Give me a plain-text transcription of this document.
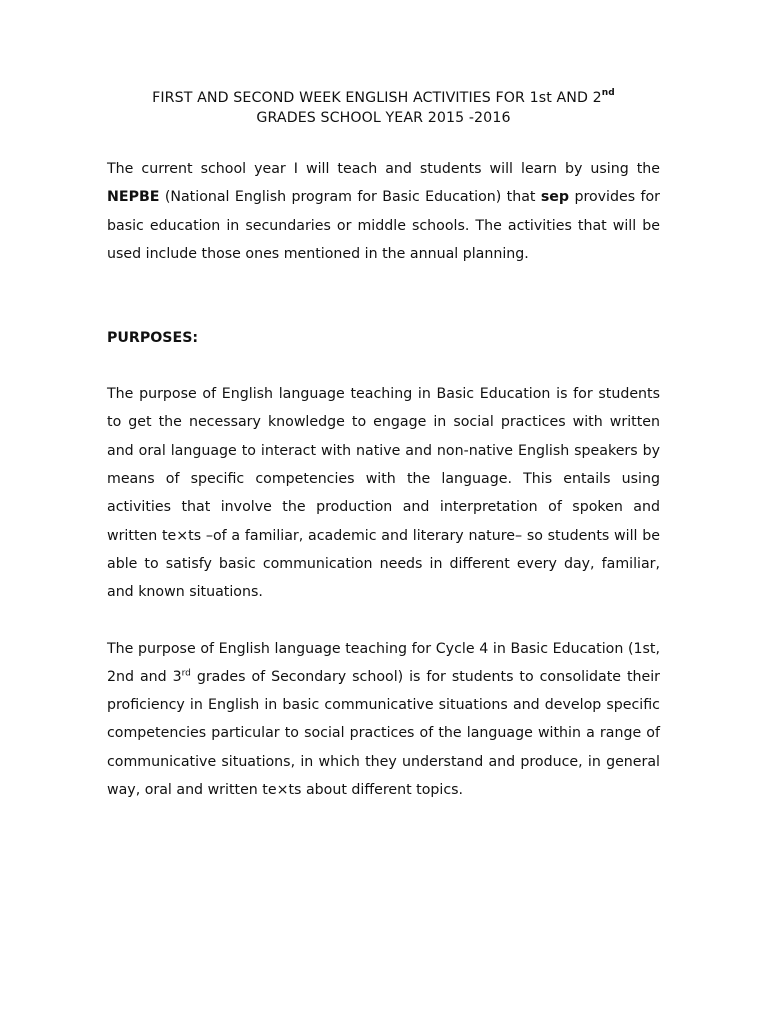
FIRST AND SECOND WEEK ENGLISH ACTIVITIES FOR 1st AND 2nd
GRADES SCHOOL YEAR 2015 -2016

The current school year I will teach and students will learn by using the NEPBE (National English program for Basic Education) that sep provides for basic education in secundaries or middle schools. The activities that will be used include those ones mentioned in the annual planning.

PURPOSES:

The purpose of English language teaching in Basic Education is for students to get the necessary knowledge to engage in social practices with written and oral language to interact with native and non-native English speakers by means of specific competencies with the language. This entails using activities that involve the production and interpretation of spoken and written te×ts –of a familiar, academic and literary nature– so students will be able to satisfy basic communication needs in different every day, familiar, and known situations.

The purpose of English language teaching for Cycle 4 in Basic Education (1st, 2nd and 3rd grades of Secondary school) is for students to consolidate their proficiency in English in basic communicative situations and develop specific competencies particular to social practices of the language within a range of communicative situations, in which they understand and produce, in general way, oral and written te×ts about different topics.
